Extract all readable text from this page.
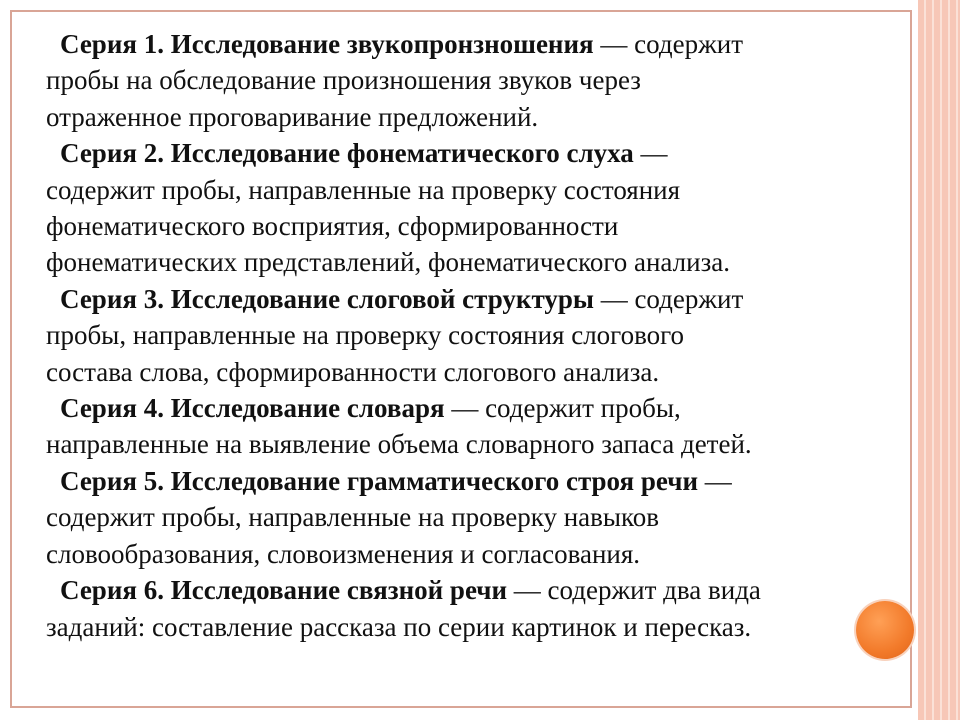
Серия 1. Исследование звукопронзношения — содержит
пробы на обследование произношения звуков через
отраженное проговаривание предложений.

Серия 2. Исследование фонематического слуха —
содержит пробы, направленные на проверку состояния
фонематического восприятия, сформированности
фонематических представлений, фонематического анализа.

Серия 3. Исследование слоговой структуры — содержит
пробы, направленные на проверку состояния слогового
состава слова, сформированности слогового анализа.

Серия 4. Исследование словаря — содержит пробы,
направленные на выявление объема словарного запаса детей.

Серия 5. Исследование грамматического строя речи —
содержит пробы, направленные на проверку навыков
словообразования, словоизменения и согласования.

Серия 6. Исследование связной речи — содержит два вида
заданий: составление рассказа по серии картинок и пересказ.
